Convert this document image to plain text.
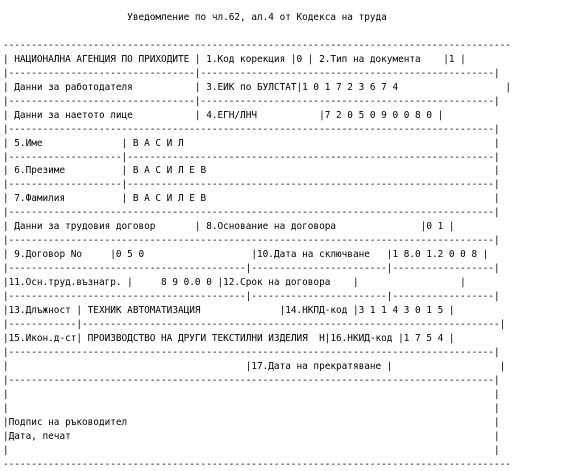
Уведомление по чл.62, ал.4 от Кодекса на труда

------------------------------------------------------------------------------------------
| НАЦИОНАЛНА АГЕНЦИЯ ПО ПРИХОДИТЕ | 1.Код корекция |0 | 2.Тип на документа    |1 |
|---------------------------------|----------------------------------------------------|
| Данни за работодателя           | 3.ЕИК по БУЛСТАТ|1 0 1 7 2 3 6 7 4                   |
|---------------------------------|----------------------------------------------------|
| Данни за наетото лице           | 4.ЕГН/ЛНЧ           |7 2 0 5 0 9 0 0 8 0 |
|--------------------------------------------------------------------------------------|
| 5.Име              | В А С И Л                                                       |
|--------------------|-----------------------------------------------------------------|
| 6.Презиме          | В А С И Л Е В                                                   |
|--------------------|-----------------------------------------------------------------|
| 7.Фамилия          | В А С И Л Е В                                                   |
|--------------------------------------------------------------------------------------|
| Данни за трудовия договор       | 8.Основание на договора               |0 1 |
|--------------------------------------------------------------------------------------|
| 9.Договор No     |0 5 0                   |10.Дата на сключване   |1 8.0 1.2 0 0 8 |
|------------------------------------------|------------------------|------------------|
|11.Осн.труд.възнагр. |     8 9 0.0 0 |12.Срок на договора    |                  |
|------------------------------------------|------------------------|------------------|
|13.Длъжност | ТЕХНИК АВТОМАТИЗАЦИЯ              |14.НКПД-код |3 1 1 4 3 0 1 5 |
|------------|--------------------------------------------------------------------------|
|15.Икон.д-ст| ПРОИЗВОДСТВО НА ДРУГИ ТЕКСТИЛНИ ИЗДЕЛИЯ  Н|16.НКИД-код |1 7 5 4 |
|--------------------------------------------------------------------------------------|
|                                          |17.Дата на прекратяване |                   |
|--------------------------------------------------------------------------------------|
|                                                                                      |
|                                                                                      |
|Подпис на ръководител                                                                 |
|Дата, печат                                                                           |
|                                                                                      |
------------------------------------------------------------------------------------------
